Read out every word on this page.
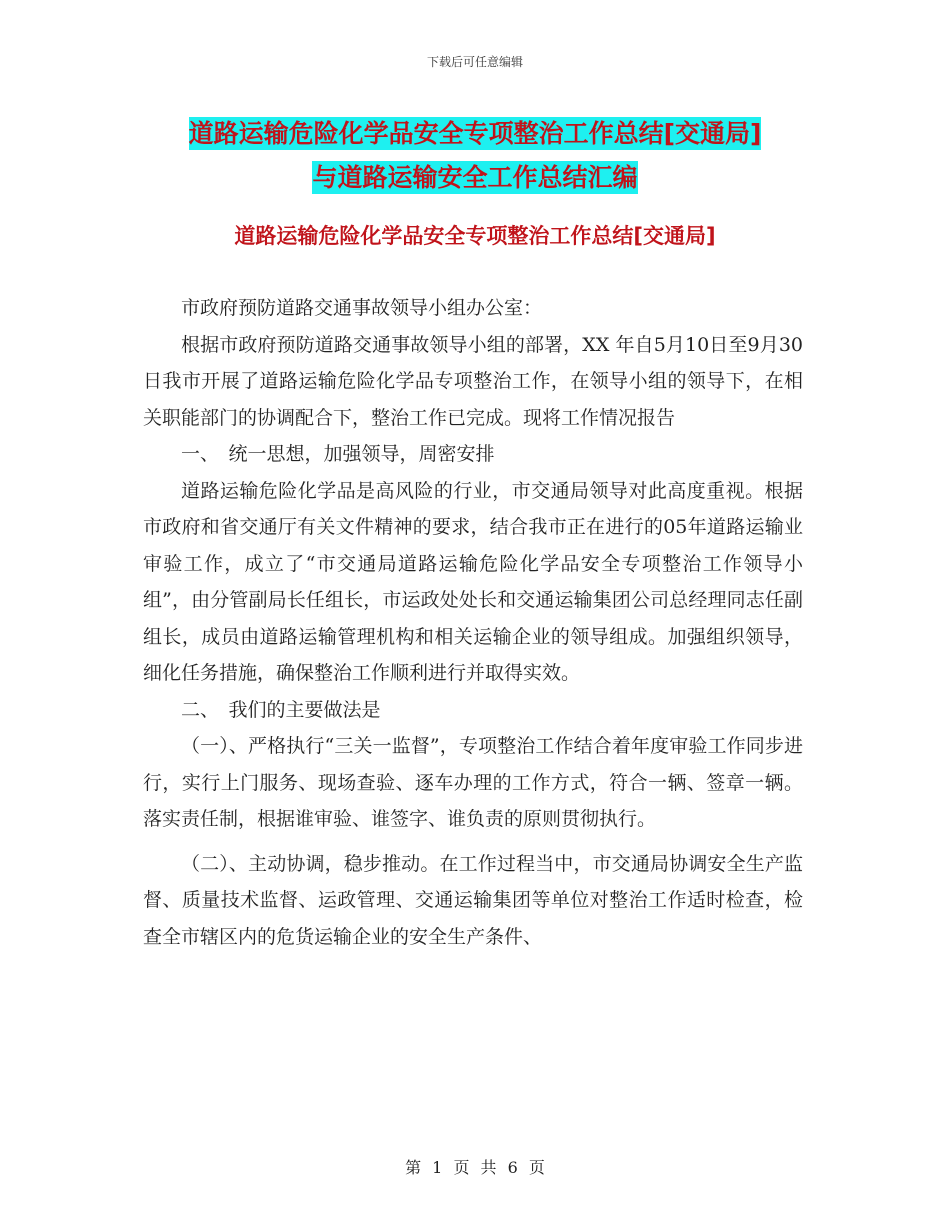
下载后可任意编辑
道路运输危险化学品安全专项整治工作总结[交通局]
与道路运输安全工作总结汇编
道路运输危险化学品安全专项整治工作总结[交通局]

市政府预防道路交通事故领导小组办公室：

根据市政府预防道路交通事故领导小组的部署，XX 年自5月10日至9月30日我市开展了道路运输危险化学品专项整治工作，在领导小组的领导下，在相关职能部门的协调配合下，整治工作已完成。现将工作情况报告

一、　统一思想，加强领导，周密安排

道路运输危险化学品是高风险的行业，市交通局领导对此高度重视。根据市政府和省交通厅有关文件精神的要求，结合我市正在进行的05年道路运输业审验工作，成立了“市交通局道路运输危险化学品安全专项整治工作领导小组”，由分管副局长任组长，市运政处处长和交通运输集团公司总经理同志任副组长，成员由道路运输管理机构和相关运输企业的领导组成。加强组织领导，细化任务措施，确保整治工作顺利进行并取得实效。

二、　我们的主要做法是

（一）、严格执行“三关一监督”，专项整治工作结合着年度审验工作同步进行，实行上门服务、现场查验、逐车办理的工作方式，符合一辆、签章一辆。落实责任制，根据谁审验、谁签字、谁负责的原则贯彻执行。

（二）、主动协调，稳步推动。在工作过程当中，市交通局协调安全生产监督、质量技术监督、运政管理、交通运输集团等单位对整治工作适时检查，检查全市辖区内的危货运输企业的安全生产条件、

第 1 页 共 6 页
